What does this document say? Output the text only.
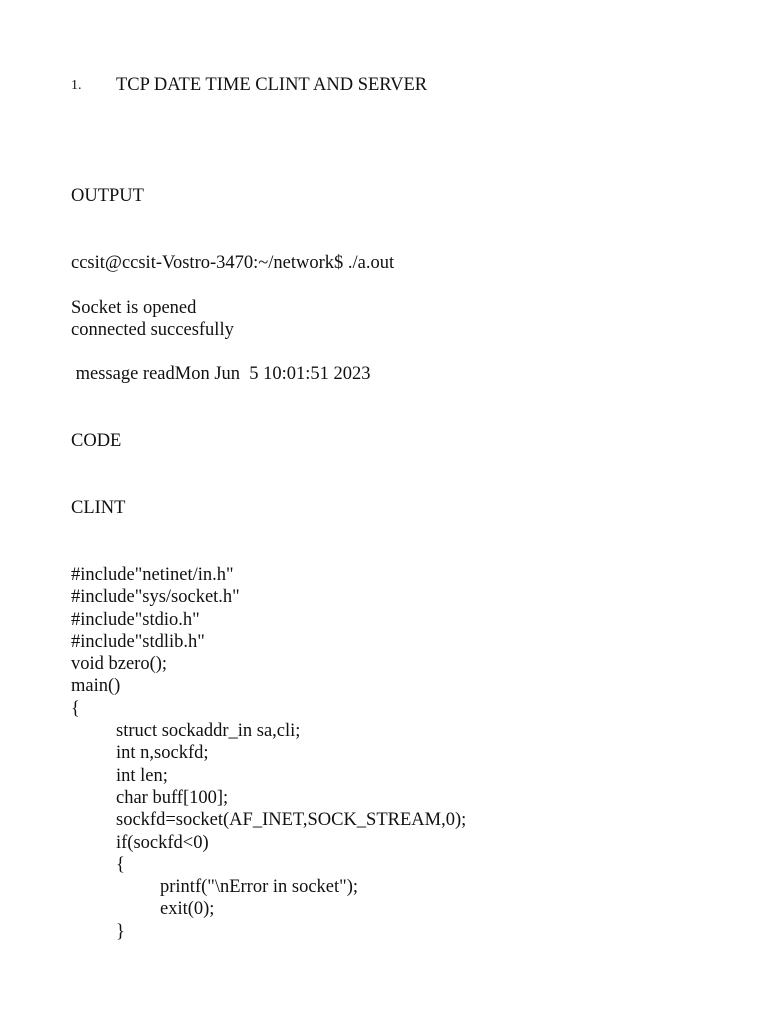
1. TCP DATE TIME CLINT AND SERVER
OUTPUT
ccsit@ccsit-Vostro-3470:~/network$ ./a.out
Socket is opened
connected succesfully
message readMon Jun  5 10:01:51 2023
CODE
CLINT
#include"netinet/in.h"
#include"sys/socket.h"
#include"stdio.h"
#include"stdlib.h"
void bzero();
main()
{
struct sockaddr_in sa,cli;
int n,sockfd;
int len;
char buff[100];
sockfd=socket(AF_INET,SOCK_STREAM,0);
if(sockfd<0)
{
printf("\nError in socket");
exit(0);
}
